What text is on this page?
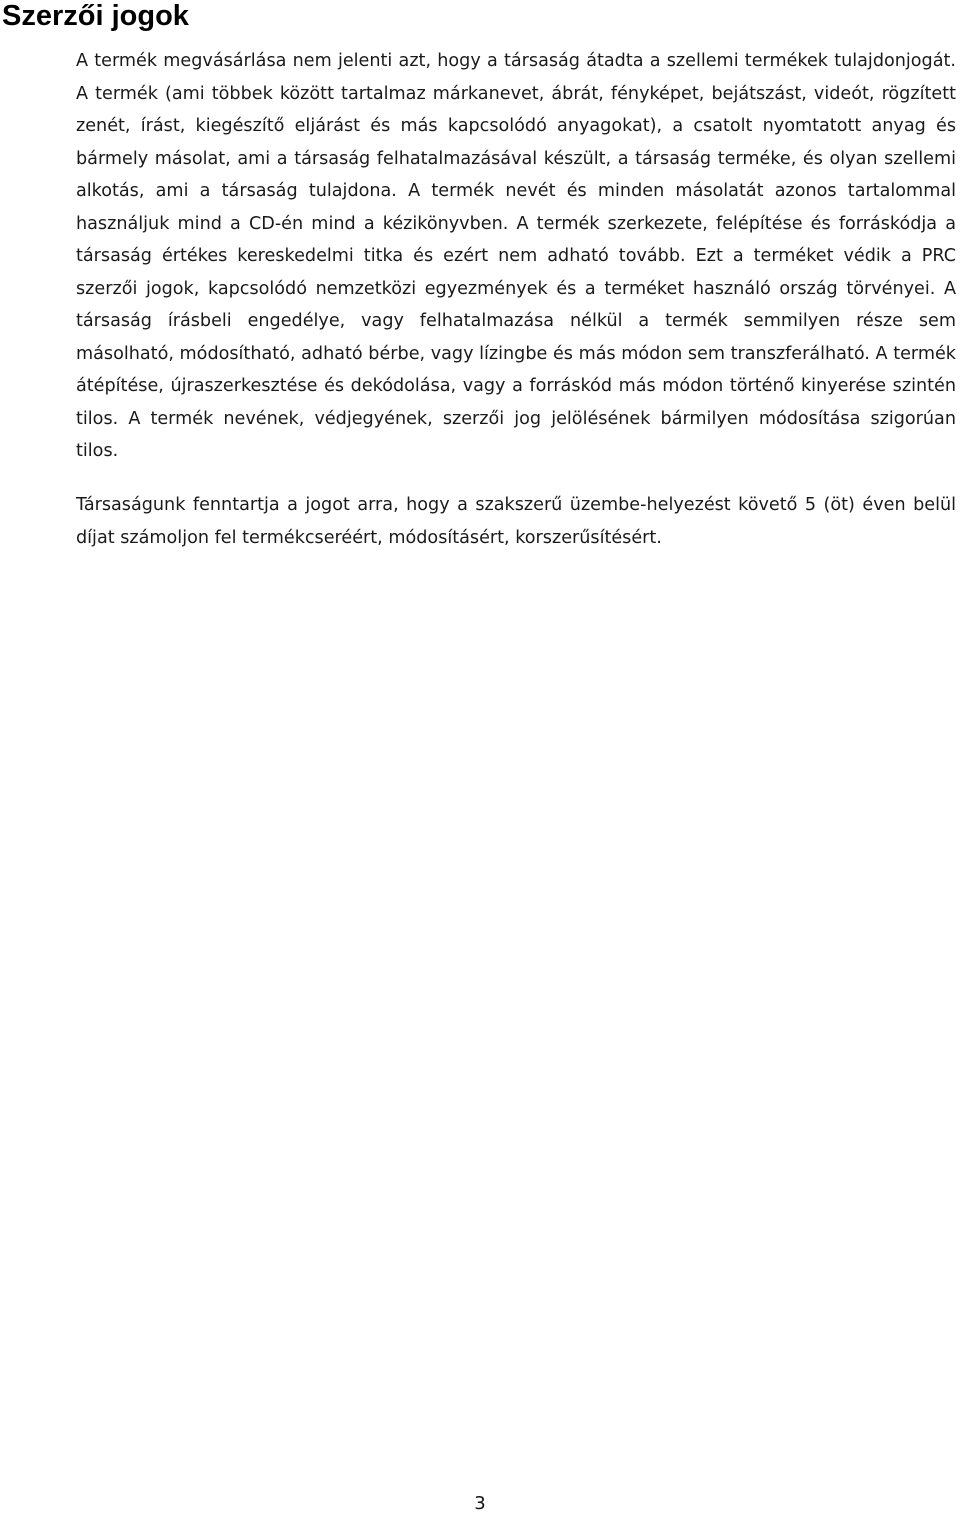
Szerzői jogok

A termék megvásárlása nem jelenti azt, hogy a társaság átadta a szellemi termékek tulajdonjogát.A termék (ami többek között tartalmaz márkanevet, ábrát, fényképet, bejátszást, videót, rögzített zenét, írást, kiegészítő eljárást és más kapcsolódó anyagokat), a csatolt nyomtatott anyag és bármely másolat, ami a társaság felhatalmazásával készült, a társaság terméke, és olyan szellemi alkotás, ami a társaság tulajdona. A termék nevét és minden másolatát azonos tartalommal használjuk mind a CD-én mind a kézikönyvben. A termék szerkezete, felépítése és forráskódja a társaság értékes kereskedelmi titka és ezért nem adható tovább. Ezt a terméket védik a PRC szerzői jogok, kapcsolódó nemzetközi egyezmények és a terméket használó ország törvényei. A társaság írásbeli engedélye, vagy felhatalmazása nélkül a termék semmilyen része sem másolható, módosítható, adható bérbe, vagy lízingbe és más módon sem transzferálható. A termék átépítése, újraszerkesztése és dekódolása, vagy a forráskód más módon történő kinyerése szintén tilos. A termék nevének, védjegyének, szerzői jog jelölésének bármilyen módosítása szigorúan tilos.

Társaságunk fenntartja a jogot arra, hogy a szakszerű üzembe-helyezést követő 5 (öt) éven belül díjat számoljon fel termékcseréért, módosításért, korszerűsítésért.

3
